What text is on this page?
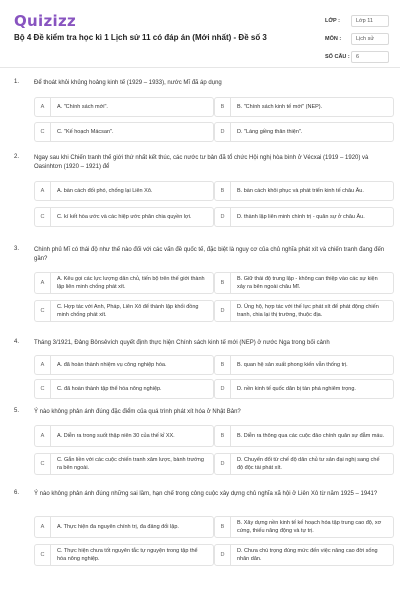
Quizizz
Bộ 4 Đề kiểm tra học kì 1 Lịch sử 11 có đáp án (Mới nhất) - Đề số 3
LỚP :	Lớp 11
MÔN :	Lịch sử
SỐ CÂU :	6
1. Để thoát khỏi khủng hoảng kinh tế (1929 – 1933), nước Mĩ đã áp dụng
A	A. "Chính sách mới".	B	B. "Chính sách kinh tế mới" (NEP).
C	C. "Kế hoạch Mácsan".	D	D. "Láng giềng thân thiện".
2. Ngay sau khi Chiến tranh thế giới thứ nhất kết thúc, các nước tư bản đã tổ chức Hội nghị hòa bình ở Vécxai (1919 – 1920) và Oasinhtơn (1920 – 1921) để
A	A. bàn cách đối phó, chống lại Liên Xô.	B	B. bàn cách khôi phục và phát triển kinh tế châu Âu.
C	C. kí kết hòa ước và các hiệp ước phân chia quyền lợi.	D	D. thành lập liên minh chính trị - quân sự ở châu Âu.
3. Chính phủ Mĩ có thái độ như thế nào đối với các vấn đề quốc tế, đặc biệt là nguy cơ của chủ nghĩa phát xít và chiến tranh đang đến gần?
A
A. Kêu gọi các lực lượng dân chủ, tiến bộ trên thế giới thành lập liên minh chống phát xít.
B
B. Giữ thái độ trung lập - không can thiệp vào các sự kiện xảy ra bên ngoài châu Mĩ.
C
C. Hợp tác với Anh, Pháp, Liên Xô để thành lập khối đồng minh chống phát xít.
D
D. Ủng hộ, hợp tác với thế lực phát xít để phát động chiến tranh, chia lại thị trường, thuộc địa.
4. Tháng 3/1921, Đảng Bônsêvích quyết định thực hiện Chính sách kinh tế mới (NEP) ở nước Nga trong bối cảnh
A	A. đã hoàn thành nhiệm vụ công nghiệp hóa.	B	B. quan hệ sản xuất phong kiến vẫn thống trị.
C	C. đã hoàn thành tập thể hóa nông nghiệp.	D	D. nền kinh tế quốc dân bị tàn phá nghiêm trọng.
5. Ý nào không phản ánh đúng đặc điểm của quá trình phát xít hóa ở Nhật Bản?
A	A. Diễn ra trong suốt thập niên 30 của thế kỉ XX.	B	B. Diễn ra thông qua các cuộc đảo chính quân sự đẫm máu.
C
C. Gắn liền với các cuộc chiến tranh xâm lược, bành trướng ra bên ngoài.
D
D. Chuyển đổi từ chế độ dân chủ tư sản đại nghị sang chế độ độc tài phát xít.
6. Ý nào không phản ánh đúng những sai lầm, hạn chế trong công cuộc xây dựng chủ nghĩa xã hội ở Liên Xô từ năm 1925 – 1941?
A	A. Thực hiện đa nguyên chính trị, đa đảng đối lập.	B
B. Xây dựng nền kinh tế kế hoạch hóa tập trung cao độ, xơ cứng, thiếu năng động và tự trị.
C
C. Thực hiện chưa tốt nguyên tắc tự nguyện trong tập thể hóa nông nghiệp.
D
D. Chưa chú trọng đúng mức đến việc nâng cao đời sống nhân dân.
